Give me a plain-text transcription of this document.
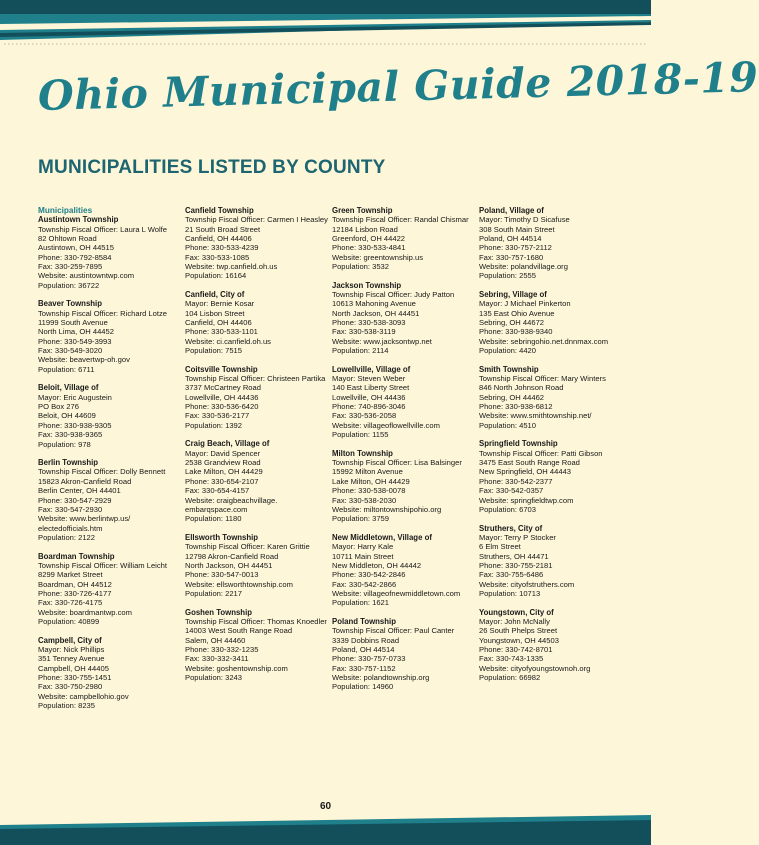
Ohio Municipal Guide 2018-19
MUNICIPALITIES LISTED BY COUNTY
Municipalities
Austintown Township
Township Fiscal Officer: Laura L Wolfe
82 Ohltown Road
Austintown, OH 44515
Phone: 330-792-8584
Fax: 330-259-7895
Website: austintowntwp.com
Population: 36722
Beaver Township
Township Fiscal Officer: Richard Lotze
11999 South Avenue
North Lima, OH 44452
Phone: 330-549-3993
Fax: 330-549-3020
Website: beavertwp-oh.gov
Population: 6711
Beloit, Village of
Mayor: Eric Augustein
PO Box 276
Beloit, OH 44609
Phone: 330-938-9305
Fax: 330-938-9365
Population: 978
Berlin Township
Township Fiscal Officer: Dolly Bennett
15823 Akron-Canfield Road
Berlin Center, OH 44401
Phone: 330-547-2929
Fax: 330-547-2930
Website: www.berlintwp.us/
electedofficials.htm
Population: 2122
Boardman Township
Township Fiscal Officer: William Leicht
8299 Market Street
Boardman, OH 44512
Phone: 330-726-4177
Fax: 330-726-4175
Website: boardmantwp.com
Population: 40899
Campbell, City of
Mayor: Nick Phillips
351 Tenney Avenue
Campbell, OH 44405
Phone: 330-755-1451
Fax: 330-750-2980
Website: campbellohio.gov
Population: 8235
Canfield Township
Township Fiscal Officer: Carmen I Heasley
21 South Broad Street
Canfield, OH 44406
Phone: 330-533-4239
Fax: 330-533-1085
Website: twp.canfield.oh.us
Population: 16164
Canfield, City of
Mayor: Bernie Kosar
104 Lisbon Street
Canfield, OH 44406
Phone: 330-533-1101
Website: ci.canfield.oh.us
Population: 7515
Coitsville Township
Township Fiscal Officer: Christeen Partika
3737 McCartney Road
Lowellville, OH 44436
Phone: 330-536-6420
Fax: 330-536-2177
Population: 1392
Craig Beach, Village of
Mayor: David Spencer
2538 Grandview Road
Lake Milton, OH 44429
Phone: 330-654-2107
Fax: 330-654-4157
Website: craigbeachvillage.
embarqspace.com
Population: 1180
Ellsworth Township
Township Fiscal Officer: Karen Grittie
12798 Akron-Canfield Road
North Jackson, OH 44451
Phone: 330-547-0013
Website: ellsworthtownship.com
Population: 2217
Goshen Township
Township Fiscal Officer: Thomas Knoedler
14003 West South Range Road
Salem, OH 44460
Phone: 330-332-1235
Fax: 330-332-3411
Website: goshentownship.com
Population: 3243
Green Township
Township Fiscal Officer: Randal Chismar
12184 Lisbon Road
Greenford, OH 44422
Phone: 330-533-4841
Website: greentownship.us
Population: 3532
Jackson Township
Township Fiscal Officer: Judy Patton
10613 Mahoning Avenue
North Jackson, OH 44451
Phone: 330-538-3093
Fax: 330-538-3119
Website: www.jacksontwp.net
Population: 2114
Lowellville, Village of
Mayor: Steven Weber
140 East Liberty Street
Lowellville, OH 44436
Phone: 740-896-3046
Fax: 330-536-2058
Website: villageoflowellville.com
Population: 1155
Milton Township
Township Fiscal Officer: Lisa Balsinger
15992 Milton Avenue
Lake Milton, OH 44429
Phone: 330-538-0078
Fax: 330-538-2030
Website: miltontownshipohio.org
Population: 3759
New Middletown, Village of
Mayor: Harry Kale
10711 Main Street
New Middleton, OH 44442
Phone: 330-542-2846
Fax: 330-542-2866
Website: villageofnewmiddletown.com
Population: 1621
Poland Township
Township Fiscal Officer: Paul Canter
3339 Dobbins Road
Poland, OH 44514
Phone: 330-757-0733
Fax: 330-757-1152
Website: polandtownship.org
Population: 14960
Poland, Village of
Mayor: Timothy D Sicafuse
308 South Main Street
Poland, OH 44514
Phone: 330-757-2112
Fax: 330-757-1680
Website: polandvillage.org
Population: 2555
Sebring, Village of
Mayor: J Michael Pinkerton
135 East Ohio Avenue
Sebring, OH 44672
Phone: 330-938-9340
Website: sebringohio.net.dnnmax.com
Population: 4420
Smith Township
Township Fiscal Officer: Mary Winters
846 North Johnson Road
Sebring, OH 44462
Phone: 330-938-6812
Website: www.smithtownship.net/
Population: 4510
Springfield Township
Township Fiscal Officer: Patti Gibson
3475 East South Range Road
New Springfield, OH 44443
Phone: 330-542-2377
Fax: 330-542-0357
Website: springfieldtwp.com
Population: 6703
Struthers, City of
Mayor: Terry P Stocker
6 Elm Street
Struthers, OH 44471
Phone: 330-755-2181
Fax: 330-755-6486
Website: cityofstruthers.com
Population: 10713
Youngstown, City of
Mayor: John McNally
26 South Phelps Street
Youngstown, OH 44503
Phone: 330-742-8701
Fax: 330-743-1335
Website: cityofyoungstownoh.org
Population: 66982
60
